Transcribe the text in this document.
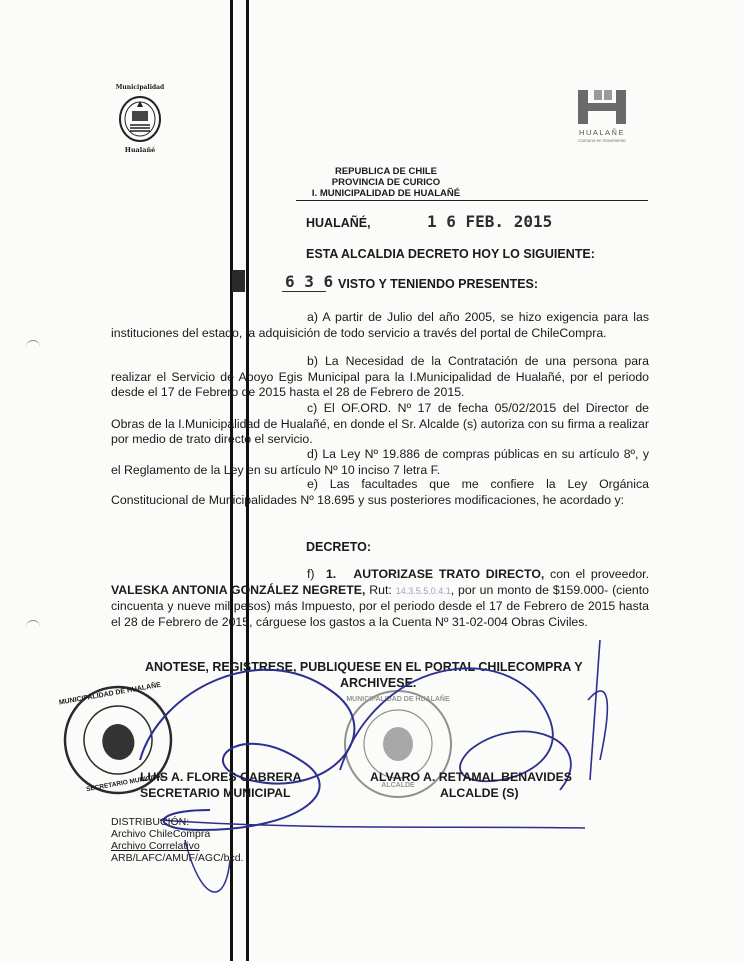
Municipalidad
Hualañé
HUALAÑE
Comuna en movimiento
REPUBLICA DE CHILE
PROVINCIA DE CURICO
I. MUNICIPALIDAD DE HUALAÑÉ
HUALAÑÉ,	1 6 FEB. 2015
ESTA ALCALDIA DECRETO HOY LO SIGUIENTE:
6 3 6 VISTO Y TENIENDO PRESENTES:

a) A partir de Julio del año 2005, se hizo exigencia para las instituciones del estado, la adquisición de todo servicio a través del portal de ChileCompra.

b) La Necesidad de la Contratación de una persona para realizar el Servicio de Apoyo Egis Municipal para la I.Municipalidad de Hualañé, por el periodo desde el 17 de Febrero de 2015 hasta el 28 de Febrero de 2015.

c) El OF.ORD. Nº 17 de fecha 05/02/2015 del Director de Obras de la I.Municipalidad de Hualañé, en donde el Sr. Alcalde (s) autoriza con su firma a realizar por medio de trato directo el servicio.

d) La Ley Nº 19.886 de compras públicas en su artículo 8º, y el Reglamento de la Ley en su artículo Nº 10 inciso 7 letra F.

e) Las facultades que me confiere la Ley Orgánica Constitucional de Municipalidades Nº 18.695 y sus posteriores modificaciones, he acordado y:

DECRETO:

f) 1. AUTORIZASE TRATO DIRECTO, con el proveedor. VALESKA ANTONIA GONZÁLEZ NEGRETE, Rut: 14.3.5.5.0.4.1, por un monto de $159.000- (ciento cincuenta y nueve mil pesos) más Impuesto, por el periodo desde el 17 de Febrero de 2015 hasta el 28 de Febrero de 2015, cárguese los gastos a la Cuenta Nº 31-02-004 Obras Civiles.

ANOTESE, REGISTRESE, PUBLIQUESE EN EL PORTAL CHILECOMPRA Y
ARCHIVESE.
MUNICIPALIDAD DE HUALAÑE
SECRETARIO MUNICIPAL
MUNICIPALIDAD DE HUALAÑE
ALCALDE
LUIS A. FLORES CABRERA
SECRETARIO MUNICIPAL
ALVARO A. RETAMAL BENAVIDES
ALCALDE (S)
DISTRIBUCIÓN:
Archivo ChileCompra
Archivo Correlativo
ARB/LAFC/AMUF/AGC/bcd.
